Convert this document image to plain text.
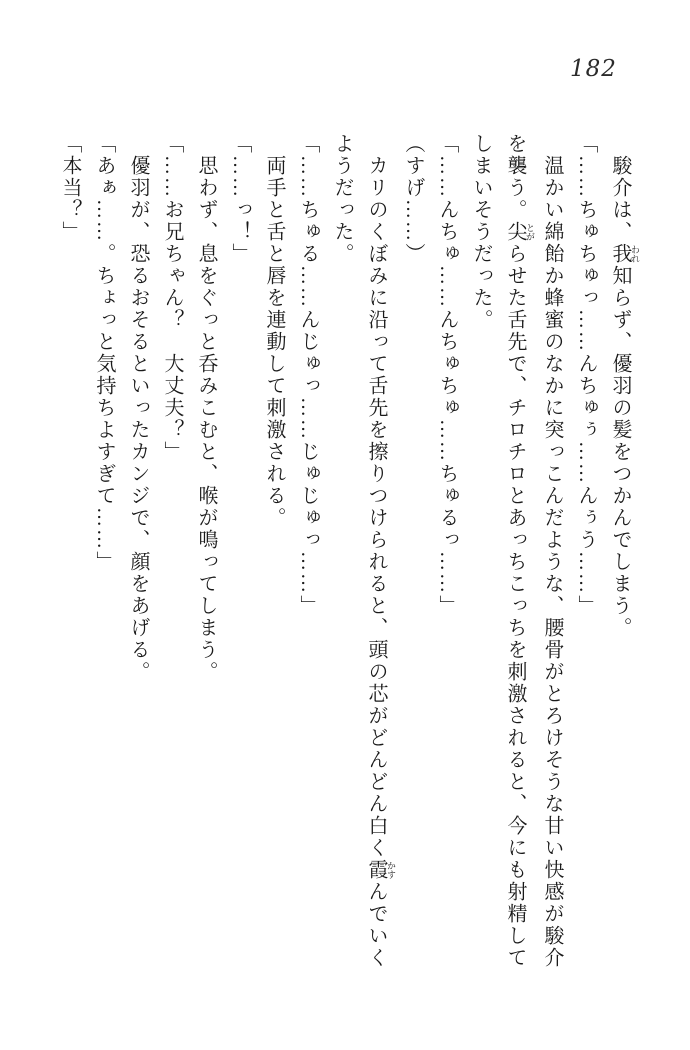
182

駿介は、我 われ知らず、優羽の髪をつかんでしまう。

「……ちゅちゅっ……んちゅぅ……んぅう……」

温かい綿飴か蜂蜜のなかに突っこんだような、腰骨がとろけそうな甘い快感が駿介

を襲う。尖 とがらせた舌先で、チロチロとあっちこっちを刺激されると、今にも射精して

しまいそうだった。

「……んちゅ……んちゅちゅ……ちゅるっ……」

（すげ……）

カリのくぼみに沿って舌先を擦りつけられると、頭の芯がどんどん白く霞 かすんでいく

ようだった。

「……ちゅる……んじゅっ……じゅじゅっ……」

両手と舌と唇を連動して刺激される。

「……っ！」

思わず、息をぐっと呑みこむと、喉が鳴ってしまう。

「……お兄ちゃん？　大丈夫？」

優羽が、恐るおそるといったカンジで、顔をあげる。

「あぁ……。ちょっと気持ちよすぎて……」

「本当？」
